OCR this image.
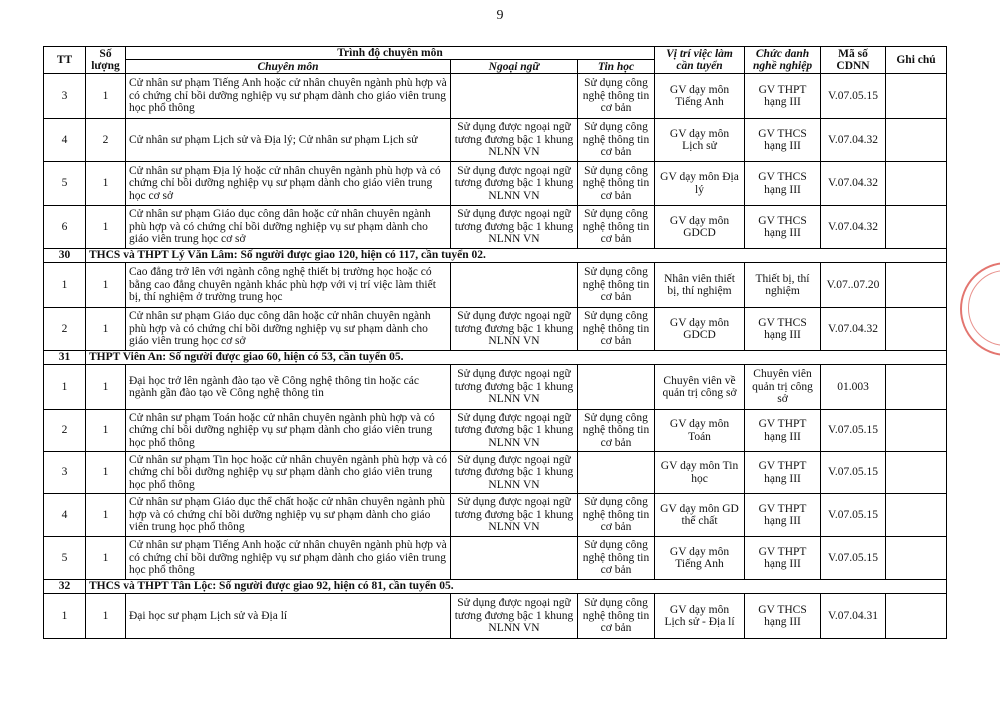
9
TT	Số lượng	Trình độ chuyên môn			Vị trí việc làm cần tuyển	Chức danh nghề nghiệp	Mã số CDNN	Ghi chú
		Chuyên môn	Ngoại ngữ	Tin học				
3	1	Cử nhân sư phạm Tiếng Anh hoặc cử nhân chuyên ngành phù hợp và có chứng chỉ bồi dưỡng nghiệp vụ sư phạm dành cho giáo viên trung học phổ thông		Sử dụng công nghệ thông tin cơ bản	GV dạy môn Tiếng Anh	GV THPT hạng III	V.07.05.15	
4	2	Cử nhân sư phạm Lịch sử và Địa lý; Cử nhân sư phạm Lịch sử	Sử dụng được ngoại ngữ tương đương bậc 1 khung NLNN VN	Sử dụng công nghệ thông tin cơ bản	GV dạy môn Lịch sử	GV THCS hạng III	V.07.04.32	
5	1	Cử nhân sư phạm Địa lý hoặc cử nhân chuyên ngành phù hợp và có chứng chỉ bồi dưỡng nghiệp vụ sư phạm dành cho giáo viên trung học cơ sở	Sử dụng được ngoại ngữ tương đương bậc 1 khung NLNN VN	Sử dụng công nghệ thông tin cơ bản	GV dạy môn Địa lý	GV THCS hạng III	V.07.04.32	
6	1	Cử nhân sư phạm Giáo dục công dân hoặc cử nhân chuyên ngành phù hợp và có chứng chỉ bồi dưỡng nghiệp vụ sư phạm dành cho giáo viên trung học cơ sở	Sử dụng được ngoại ngữ tương đương bậc 1 khung NLNN VN	Sử dụng công nghệ thông tin cơ bản	GV dạy môn GDCD	GV THCS hạng III	V.07.04.32	
30	THCS và THPT Lý Văn Lâm: Số người được giao 120, hiện có 117, cần tuyển 02.							
1	1	Cao đẳng trở lên với ngành công nghệ thiết bị trường học hoặc có bằng cao đẳng chuyên ngành khác phù hợp với vị trí việc làm thiết bị, thí nghiệm ở trường trung học		Sử dụng công nghệ thông tin cơ bản	Nhân viên thiết bị, thí nghiệm	Thiết bị, thí nghiệm	V.07..07.20	
2	1	Cử nhân sư phạm Giáo dục công dân hoặc cử nhân chuyên ngành phù hợp và có chứng chỉ bồi dưỡng nghiệp vụ sư phạm dành cho giáo viên trung học cơ sở	Sử dụng được ngoại ngữ tương đương bậc 1 khung NLNN VN	Sử dụng công nghệ thông tin cơ bản	GV dạy môn GDCD	GV THCS hạng III	V.07.04.32	
31	THPT Viên An: Số người được giao 60, hiện có 53, cần tuyển 05.							
1	1	Đại học trở lên ngành đào tạo về Công nghệ thông tin hoặc các ngành gần đào tạo về Công nghệ thông tin	Sử dụng được ngoại ngữ tương đương bậc 1 khung NLNN VN		Chuyên viên về quản trị công sở	Chuyên viên quản trị công sở	01.003	
2	1	Cử nhân sư phạm Toán hoặc cử nhân chuyên ngành phù hợp và có chứng chỉ bồi dưỡng nghiệp vụ sư phạm dành cho giáo viên trung học phổ thông	Sử dụng được ngoại ngữ tương đương bậc 1 khung NLNN VN	Sử dụng công nghệ thông tin cơ bản	GV dạy môn Toán	GV THPT hạng III	V.07.05.15	
3	1	Cử nhân sư phạm Tin học hoặc cử nhân chuyên ngành phù hợp và có chứng chỉ bồi dưỡng nghiệp vụ sư phạm dành cho giáo viên trung học phổ thông	Sử dụng được ngoại ngữ tương đương bậc 1 khung NLNN VN		GV dạy môn Tin học	GV THPT hạng III	V.07.05.15	
4	1	Cử nhân sư phạm Giáo dục thể chất hoặc cử nhân chuyên ngành phù hợp và có chứng chỉ bồi dưỡng nghiệp vụ sư phạm dành cho giáo viên trung học phổ thông	Sử dụng được ngoại ngữ tương đương bậc 1 khung NLNN VN	Sử dụng công nghệ thông tin cơ bản	GV dạy môn GD thể chất	GV THPT hạng III	V.07.05.15	
5	1	Cử nhân sư phạm Tiếng Anh hoặc cử nhân chuyên ngành phù hợp và có chứng chỉ bồi dưỡng nghiệp vụ sư phạm dành cho giáo viên trung học phổ thông		Sử dụng công nghệ thông tin cơ bản	GV dạy môn Tiếng Anh	GV THPT hạng III	V.07.05.15	
32	THCS và THPT Tân Lộc: Số người được giao 92, hiện có 81, cần tuyển 05.							
1	1	Đại học sư phạm Lịch sử và Địa lí	Sử dụng được ngoại ngữ tương đương bậc 1 khung NLNN VN	Sử dụng công nghệ thông tin cơ bản	GV dạy môn Lịch sử - Địa lí	GV THCS hạng III	V.07.04.31	
